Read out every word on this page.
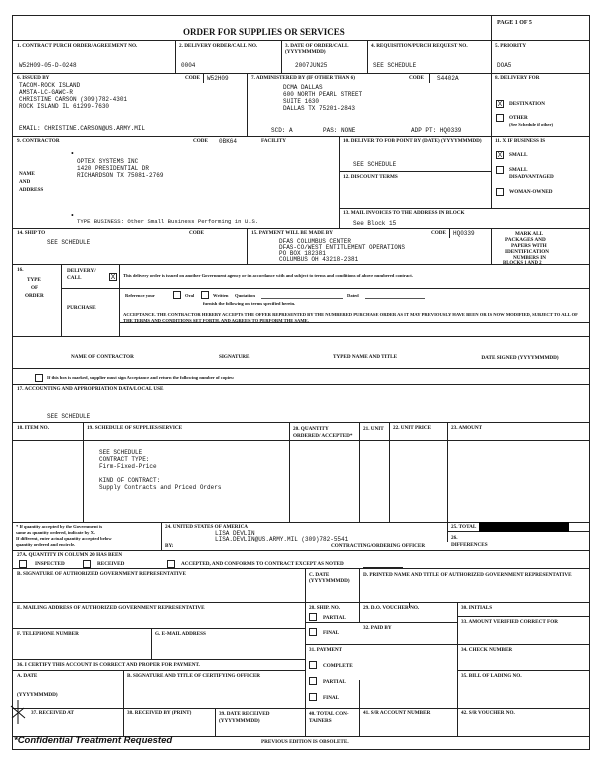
ORDER FOR SUPPLIES OR SERVICES
PAGE 1 OF 5
1. CONTRACT PURCH ORDER/AGREEMENT NO.
W52H09-05-D-0248
2. DELIVERY ORDER/CALL NO.
0004
3. DATE OF ORDER/CALL (YYYYMMMDD)
2007JUN25
4. REQUISITION/PURCH REQUEST NO.
SEE SCHEDULE
5. PRIORITY
DOA5
6. ISSUED BY	CODE W52H09
TACOM-ROCK ISLAND
AMSTA-LC-GAWC-R
CHRISTINE CARSON (309)782-4301
ROCK ISLAND IL 61299-7630
EMAIL: CHRISTINE.CARSON@US.ARMY.MIL
7. ADMINISTERED BY (IF OTHER THAN 6)	CODE S4402A
DCMA DALLAS
600 NORTH PEARL STREET
SUITE 1630
DALLAS TX 75201-2843
SCD: A	PAS: NONE	ADP PT: HQ0339
8. DELIVERY FOR
X	DESTINATION
OTHER
(See Schedule if other)
9. CONTRACTOR	CODE 0BK64	FACILITY
OPTEX SYSTEMS INC
1420 PRESIDENTIAL DR
RICHARDSON TX 75081-2769
NAME
AND
ADDRESS
•
•
TYPE BUSINESS: Other Small Business Performing in U.S.
10. DELIVER TO FOB POINT BY (DATE) (YYYYMMMDD)
SEE SCHEDULE
12. DISCOUNT TERMS
13. MAIL INVOICES TO THE ADDRESS IN BLOCK
See Block 15
11. X IF BUSINESS IS
X	SMALL
SMALL
DISADVANTAGED
WOMAN-OWNED
14. SHIP TO	CODE
SEE SCHEDULE
15. PAYMENT WILL BE MADE BY	CODE HQ0339
DFAS COLUMBUS CENTER
DFAS-CO/WEST ENTITLEMENT OPERATIONS
PO BOX 182381
COLUMBUS OH 43218-2381
MARK ALL
PACKAGES AND
PAPERS WITH
IDENTIFICATION
NUMBERS IN
BLOCKS 1 AND 2
16.
TYPE
OF
ORDER
DELIVERY/ CALL	X	This delivery order is issued on another Government agency or in accordance with and subject to terms and conditions of above numbered contract.
PURCHASE
Reference your	Oral	Written Quotation	Dated
furnish the following on terms specified herein.
ACCEPTANCE. THE CONTRACTOR HEREBY ACCEPTS THE OFFER REPRESENTED BY THE NUMBERED PURCHASE ORDER AS IT MAY PREVIOUSLY HAVE BEEN OR IS NOW MODIFIED, SUBJECT TO ALL OF THE TERMS AND CONDITIONS SET FORTH, AND AGREES TO PERFORM THE SAME.
NAME OF CONTRACTOR	SIGNATURE	TYPED NAME AND TITLE	DATE SIGNED (YYYYMMMDD)
If this box is marked, supplier must sign Acceptance and return the following number of copies:
17. ACCOUNTING AND APPROPRIATION DATA/LOCAL USE
SEE SCHEDULE
18. ITEM NO.	19. SCHEDULE OF SUPPLIES/SERVICE	20. QUANTITY ORDERED/ ACCEPTED*
21. UNIT	22. UNIT PRICE	23. AMOUNT
SEE SCHEDULE
CONTRACT TYPE:
Firm-Fixed-Price
KIND OF CONTRACT:
Supply Contracts and Priced Orders
* If quantity accepted by the Government is
same as quantity ordered, indicate by X.
If different, enter actual quantity accepted below
quantity ordered and encircle.
24. UNITED STATES OF AMERICA
LISA DEVLIN
LISA.DEVLIN@US.ARMY.MIL (309)782-5541
BY:	CONTRACTING/ORDERING OFFICER
25. TOTAL
26. DIFFERENCES
27A. QUANTITY IN COLUMN 20 HAS BEEN
INSPECTED	RECEIVED	ACCEPTED, AND CONFORMS TO CONTRACT EXCEPT AS NOTED
B. SIGNATURE OF AUTHORIZED GOVERNMENT REPRESENTATIVE	C. DATE (YYYYMMMDD)
D. PRINTED NAME AND TITLE OF AUTHORIZED GOVERNMENT REPRESENTATIVE
E. MAILING ADDRESS OF AUTHORIZED GOVERNMENT REPRESENTATIVE	28. SHIP. NO.	29. D.O. VOUCHER NO.	30. INITIALS
PARTIAL
FINAL
32. PAID BY
33. AMOUNT VERIFIED CORRECT FOR
F. TELEPHONE NUMBER	G. E-MAIL ADDRESS
31. PAYMENT	34. CHECK NUMBER
36. I CERTIFY THIS ACCOUNT IS CORRECT AND PROPER FOR PAYMENT.	COMPLETE
PARTIAL
FINAL
A. DATE
(YYYYMMMDD)
B. SIGNATURE AND TITLE OF CERTIFYING OFFICER	35. BILL OF LADING NO.
37. RECEIVED AT	38. RECEIVED BY (PRINT)	39. DATE RECEIVED (YYYYMMMDD)
40. TOTAL CON-TAINERS
41. S/R ACCOUNT NUMBER	42. S/R VOUCHER NO.
PREVIOUS EDITION IS OBSOLETE.
*Confidential Treatment Requested
